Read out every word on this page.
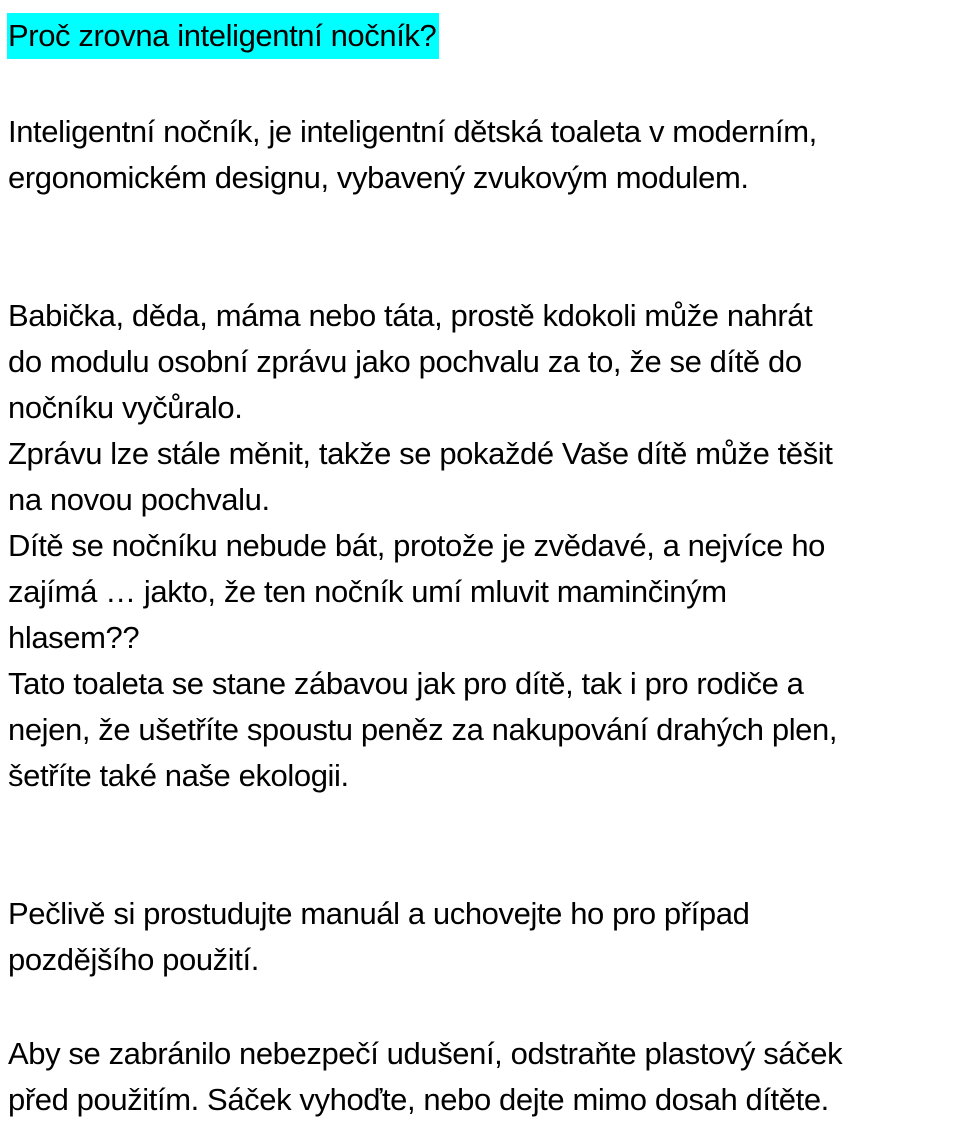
Proč zrovna inteligentní nočník?
Inteligentní nočník, je inteligentní dětská toaleta v moderním,
ergonomickém designu, vybavený zvukovým modulem.
Babička, děda, máma nebo táta, prostě kdokoli může nahrát
do modulu osobní zprávu jako pochvalu za to, že se dítě do
nočníku vyčůralo.
Zprávu lze stále měnit, takže se pokaždé Vaše dítě může těšit
na novou pochvalu.
Dítě se nočníku nebude bát, protože je zvědavé, a nejvíce ho
zajímá … jakto, že ten nočník umí mluvit maminčiným
hlasem??
Tato toaleta se stane zábavou jak pro dítě, tak i pro rodiče a
nejen, že ušetříte spoustu peněz za nakupování drahých plen,
šetříte také naše ekologii.
Pečlivě si prostudujte manuál a uchovejte ho pro případ
pozdějšího použití.
Aby se zabránilo nebezpečí udušení, odstraňte plastový sáček
před použitím. Sáček vyhoďte, nebo dejte mimo dosah dítěte.
